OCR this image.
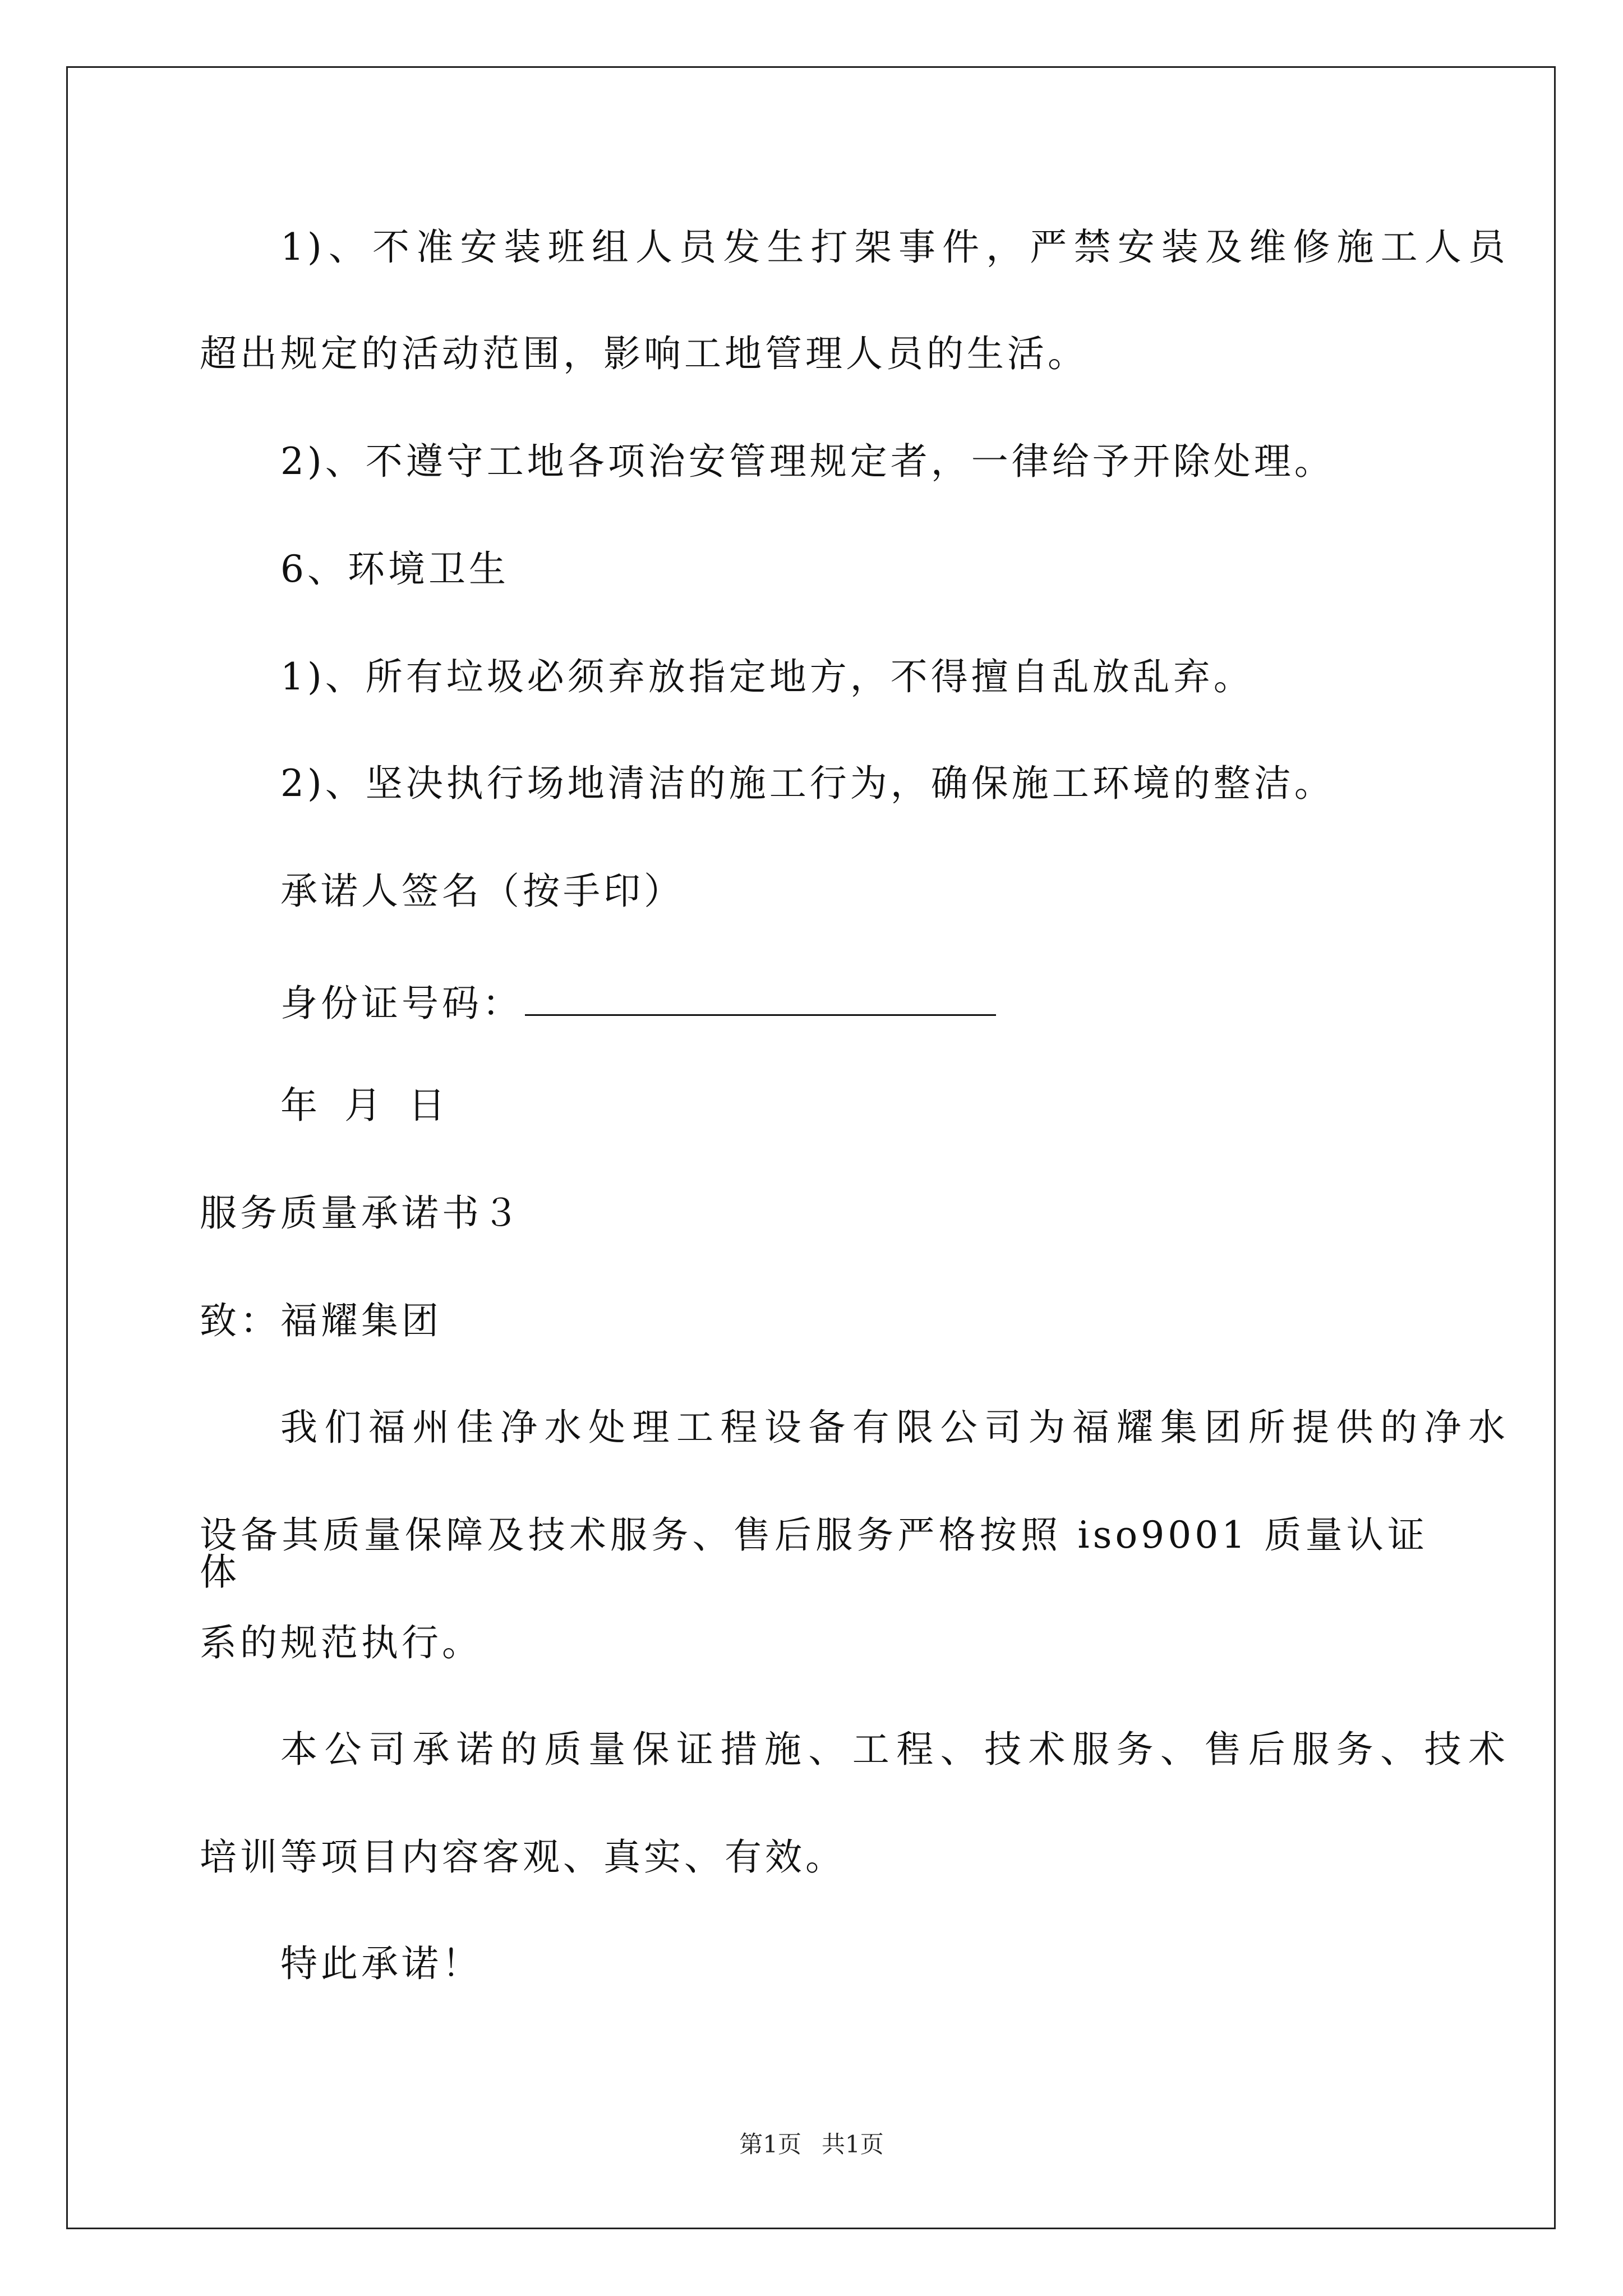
1)、不准安装班组人员发生打架事件，严禁安装及维修施工人员
超出规定的活动范围，影响工地管理人员的生活。
2)、不遵守工地各项治安管理规定者，一律给予开除处理。
6、环境卫生
1)、所有垃圾必须弃放指定地方，不得擅自乱放乱弃。
2)、坚决执行场地清洁的施工行为，确保施工环境的整洁。
承诺人签名（按手印）
身份证号码：
年 月 日
服务质量承诺书３
致：福耀集团
我们福州佳净水处理工程设备有限公司为福耀集团所提供的净水
设备其质量保障及技术服务、售后服务严格按照 iso9001 质量认证体
系的规范执行。
本公司承诺的质量保证措施、工程、技术服务、售后服务、技术
培训等项目内容客观、真实、有效。
特此承诺！
第1页 共1页
